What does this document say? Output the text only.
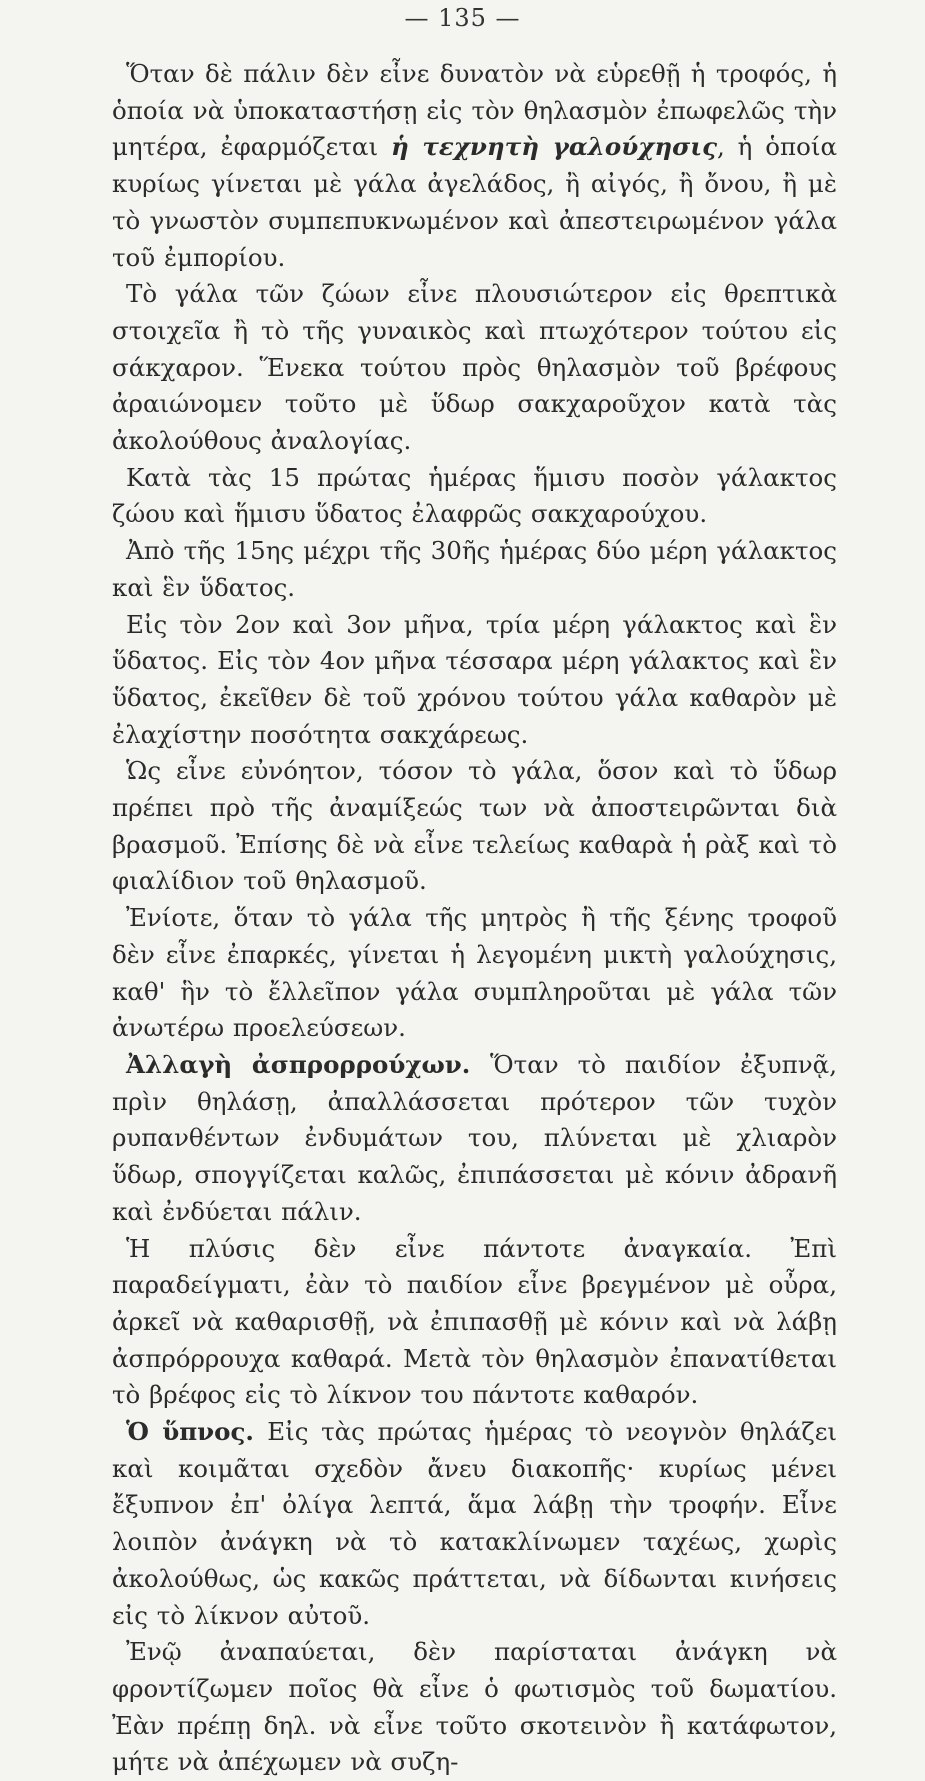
— 135 —

Ὅταν δὲ πάλιν δὲν εἶνε δυνατὸν νὰ εὑρεθῇ ἡ τροφός, ἡ ὁποία νὰ ὑποκαταστήσῃ εἰς τὸν θηλασμὸν ἐπωφελῶς τὴν μητέρα, ἐφαρμόζεται ἡ τεχνητὴ γαλούχησις, ἡ ὁποία κυρίως γίνεται μὲ γάλα ἀγελάδος, ἢ αἰγός, ἢ ὄνου, ἢ μὲ τὸ γνωστὸν συμπεπυκνωμένον καὶ ἀπεστειρωμένον γάλα τοῦ ἐμπορίου.

Τὸ γάλα τῶν ζώων εἶνε πλουσιώτερον εἰς θρεπτικὰ στοιχεῖα ἢ τὸ τῆς γυναικὸς καὶ πτωχότερον τούτου εἰς σάκχαρον. Ἕνεκα τούτου πρὸς θηλασμὸν τοῦ βρέφους ἀραιώνομεν τοῦτο μὲ ὕδωρ σακχαροῦχον κατὰ τὰς ἀκολούθους ἀναλογίας.

Κατὰ τὰς 15 πρώτας ἡμέρας ἥμισυ ποσὸν γάλακτος ζώου καὶ ἥμισυ ὕδατος ἐλαφρῶς σακχαρούχου.

Ἀπὸ τῆς 15ης μέχρι τῆς 30ῆς ἡμέρας δύο μέρη γάλακτος καὶ ἓν ὕδατος.

Εἰς τὸν 2ον καὶ 3ον μῆνα, τρία μέρη γάλακτος καὶ ἓν ὕδατος. Εἰς τὸν 4ον μῆνα τέσσαρα μέρη γάλακτος καὶ ἓν ὕδατος, ἐκεῖθεν δὲ τοῦ χρόνου τούτου γάλα καθαρὸν μὲ ἐλαχίστην ποσότητα σακχάρεως.

Ὡς εἶνε εὐνόητον, τόσον τὸ γάλα, ὅσον καὶ τὸ ὕδωρ πρέπει πρὸ τῆς ἀναμίξεώς των νὰ ἀποστειρῶνται διὰ βρασμοῦ. Ἐπίσης δὲ νὰ εἶνε τελείως καθαρὰ ἡ ρὰξ καὶ τὸ φιαλίδιον τοῦ θηλασμοῦ.

Ἐνίοτε, ὅταν τὸ γάλα τῆς μητρὸς ἢ τῆς ξένης τροφοῦ δὲν εἶνε ἐπαρκές, γίνεται ἡ λεγομένη μικτὴ γαλούχησις, καθ' ἣν τὸ ἔλλεῖπον γάλα συμπληροῦται μὲ γάλα τῶν ἀνωτέρω προελεύσεων.

Ἀλλαγὴ ἀσπρορρούχων. Ὅταν τὸ παιδίον ἐξυπνᾷ, πρὶν θηλάσῃ, ἀπαλλάσσεται πρότερον τῶν τυχὸν ρυπανθέντων ἐνδυμάτων του, πλύνεται μὲ χλιαρὸν ὕδωρ, σπογγίζεται καλῶς, ἐπιπάσσεται μὲ κόνιν ἀδρανῆ καὶ ἐνδύεται πάλιν.

Ἡ πλύσις δὲν εἶνε πάντοτε ἀναγκαία. Ἐπὶ παραδείγματι, ἐὰν τὸ παιδίον εἶνε βρεγμένον μὲ οὖρα, ἀρκεῖ νὰ καθαρισθῇ, νὰ ἐπιπασθῇ μὲ κόνιν καὶ νὰ λάβῃ ἀσπρόρρουχα καθαρά. Μετὰ τὸν θηλασμὸν ἐπανατίθεται τὸ βρέφος εἰς τὸ λίκνον του πάντοτε καθαρόν.

Ὁ ὕπνος. Εἰς τὰς πρώτας ἡμέρας τὸ νεογνὸν θηλάζει καὶ κοιμᾶται σχεδὸν ἄνευ διακοπῆς· κυρίως μένει ἔξυπνον ἐπ' ὀλίγα λεπτά, ἅμα λάβῃ τὴν τροφήν. Εἶνε λοιπὸν ἀνάγκη νὰ τὸ κατακλίνωμεν ταχέως, χωρὶς ἀκολούθως, ὡς κακῶς πράττεται, νὰ δίδωνται κινήσεις εἰς τὸ λίκνον αὐτοῦ.

Ἐνῷ ἀναπαύεται, δὲν παρίσταται ἀνάγκη νὰ φροντίζωμεν ποῖος θὰ εἶνε ὁ φωτισμὸς τοῦ δωματίου. Ἐὰν πρέπῃ δηλ. νὰ εἶνε τοῦτο σκοτεινὸν ἢ κατάφωτον, μήτε νὰ ἀπέχωμεν νὰ συζη-
